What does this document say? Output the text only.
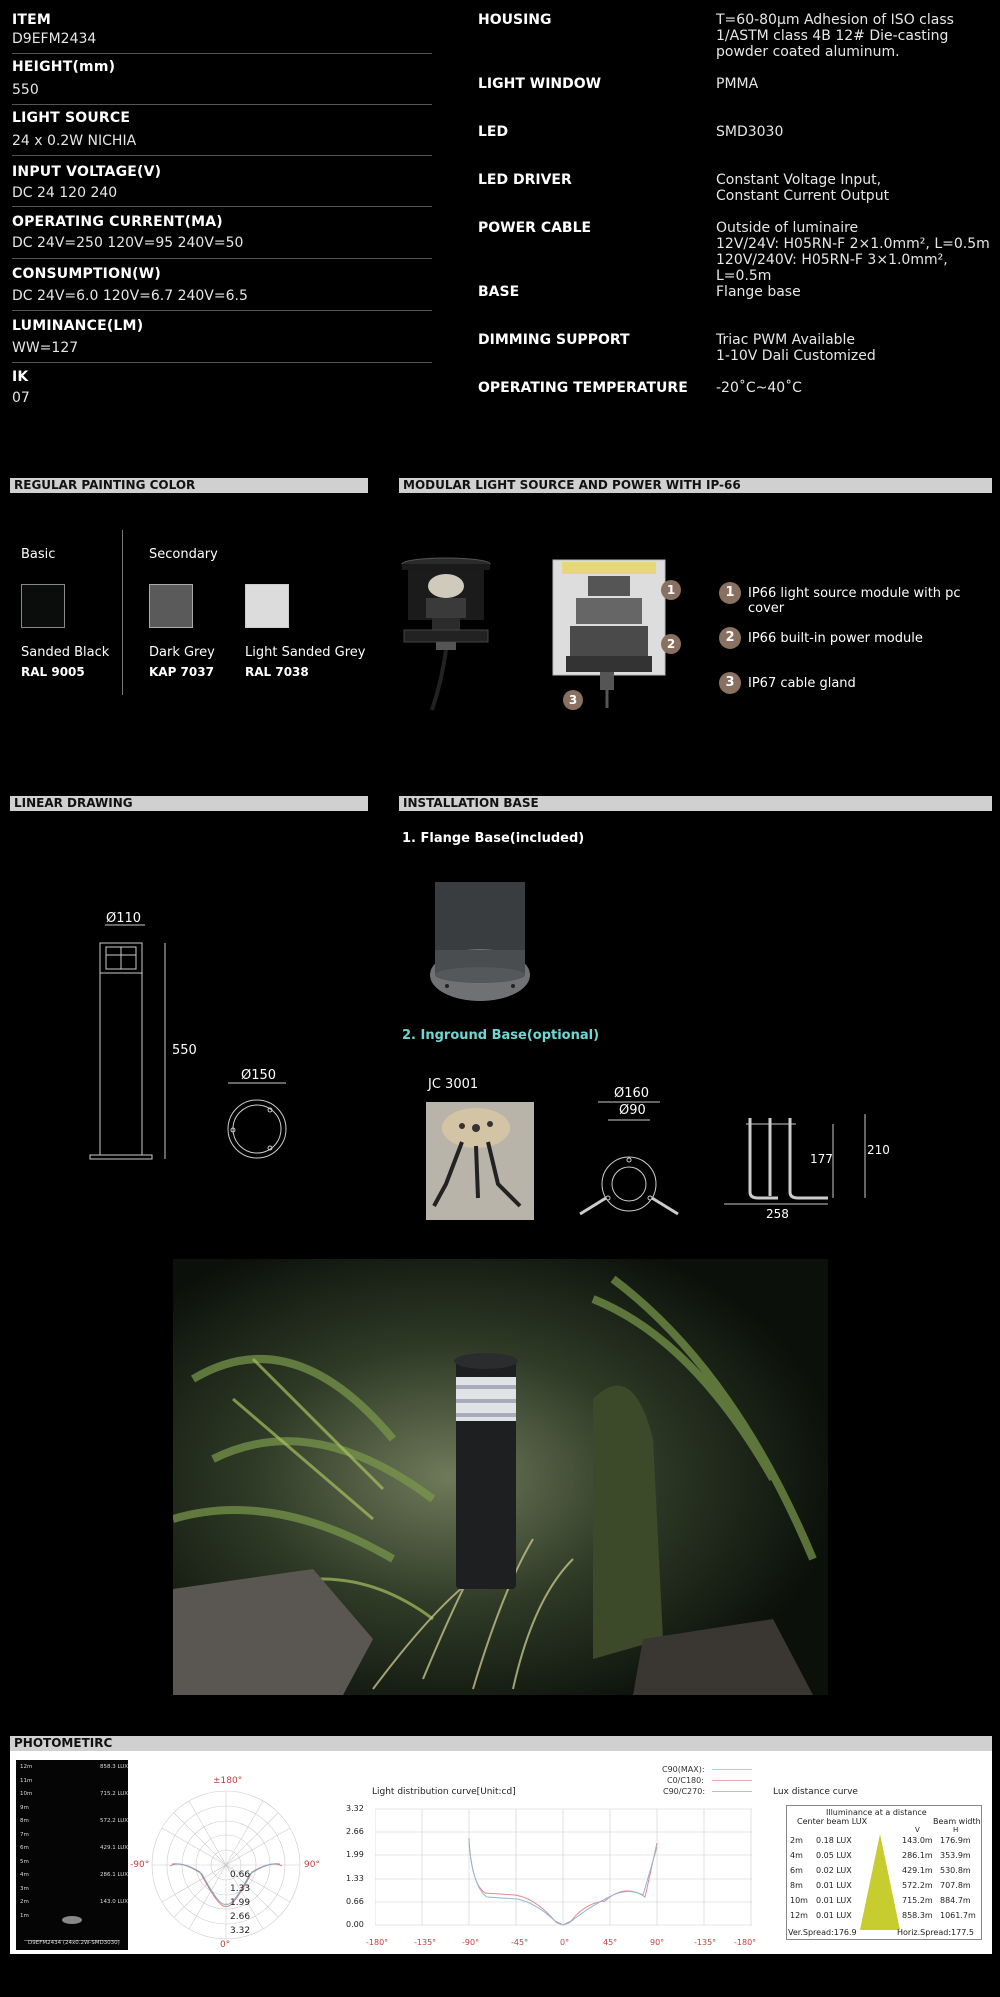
ITEM
D9EFM2434
HEIGHT(mm)
550
LIGHT SOURCE
24 x 0.2W NICHIA
INPUT VOLTAGE(V)
DC 24 120 240
OPERATING CURRENT(MA)
DC 24V=250 120V=95 240V=50
CONSUMPTION(W)
DC 24V=6.0 120V=6.7 240V=6.5
LUMINANCE(LM)
WW=127
IK
07
HOUSING	T=60-80μm Adhesion of ISO class 1/ASTM class 4B 12# Die-casting powder coated aluminum.
LIGHT WINDOW	PMMA
LED	SMD3030
LED DRIVER	Constant Voltage Input,
Constant Current Output
POWER CABLE	Outside of luminaire
12V/24V: H05RN-F 2×1.0mm², L=0.5m
120V/240V: H05RN-F 3×1.0mm², L=0.5m
BASE	Flange base
DIMMING SUPPORT	Triac PWM Available
1-10V Dali Customized
OPERATING TEMPERATURE -20˚C~40˚C
REGULAR PAINTING COLOR	MODULAR LIGHT SOURCE AND POWER WITH IP-66
LINEAR DRAWING	INSTALLATION BASE
PHOTOMETIRC
Basic	Secondary
Sanded Black
RAL 9005
Dark Grey
KAP 7037
Light Sanded Grey
RAL 7038
1
2
3
1	IP66 light source module with pc cover
2	IP66 built-in power module
3	IP67 cable gland
Ø110
550
Ø150
1. Flange Base(included)
2. Inground Base(optional)
JC 3001
Ø160
Ø90
177
210
258
12m	858.3 LUX
11m
10m	715.2 LUX
9m
8m	572.2 LUX
7m
6m	429.1 LUX
5m
4m	286.1 LUX
3m
2m	143.0 LUX
1m
D9EFM2434 (24x0.2W-SMD3030)
±180°
-90°	90°
0°
0.66
1.33
1.99
2.66
3.32
Light distribution curve[Unit:cd]
C90(MAX):
C0/C180:
C90/C270:
3.32
2.66
1.99
1.33
0.66
0.00
-180°	-135°	-90°	-45°	0°	45°	90°	-135° -180°
Lux distance curve
Illuminance at a distance
Center beam LUX	Beam width
V	H
2m 0.18 LUX	143.0m 176.9m
4m 0.05 LUX	286.1m 353.9m
6m 0.02 LUX	429.1m 530.8m
8m 0.01 LUX	572.2m 707.8m
10m 0.01 LUX	715.2m 884.7m
12m 0.01 LUX	858.3m 1061.7m
Ver.Spread:176.9	Horiz.Spread:177.5
